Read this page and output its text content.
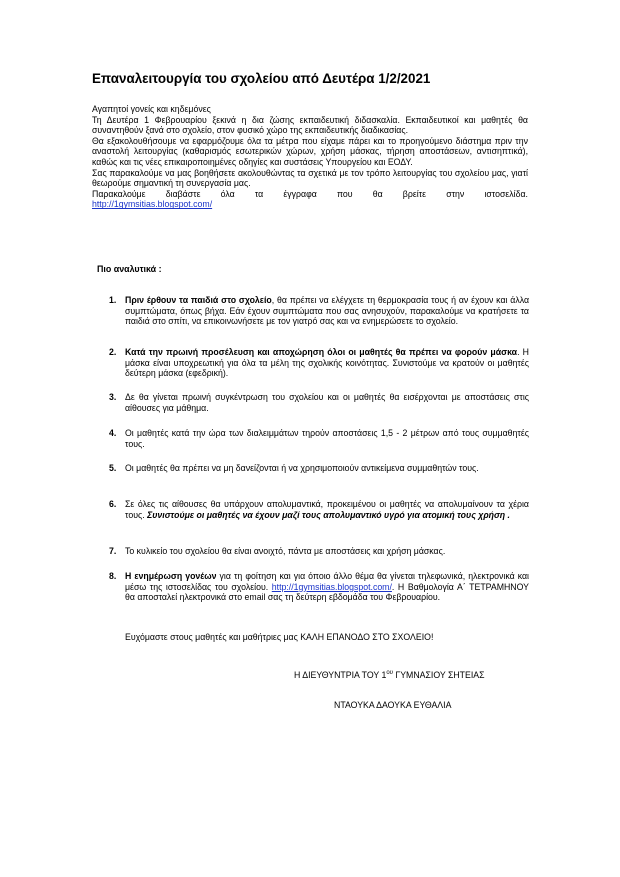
Επαναλειτουργία του σχολείου από Δευτέρα 1/2/2021

Αγαπητοί γονείς και κηδεμόνες

Τη Δευτέρα 1 Φεβρουαρίου ξεκινά η δια ζώσης εκπαιδευτική διδασκαλία. Εκπαιδευτικοί και μαθητές θα συναντηθούν ξανά στο σχολείο, στον φυσικό χώρο της εκπαιδευτικής διαδικασίας.

Θα εξακολουθήσουμε να εφαρμόζουμε όλα τα μέτρα που είχαμε πάρει και το προηγούμενο διάστημα πριν την αναστολή λειτουργίας (καθαρισμός εσωτερικών χώρων, χρήση μάσκας, τήρηση αποστάσεων, αντισηπτικά), καθώς και τις νέες επικαιροποιημένες οδηγίες και συστάσεις Υπουργείου και ΕΟΔΥ.

Σας παρακαλούμε να μας βοηθήσετε ακολουθώντας τα σχετικά με τον τρόπο λειτουργίας του σχολείου μας, γιατί θεωρούμε σημαντική τη συνεργασία μας.

Παρακαλούμε διαβάστε όλα τα έγγραφα που θα βρείτε στην ιστοσελίδα.

http://1gymsitias.blogspot.com/

Πιο αναλυτικά :
1. Πριν έρθουν τα παιδιά στο σχολείο, θα πρέπει να ελέγχετε τη θερμοκρασία τους ή αν έχουν και άλλα συμπτώματα, όπως βήχα. Εάν έχουν συμπτώματα που σας ανησυχούν, παρακαλούμε να κρατήσετε τα παιδιά στο σπίτι, να επικοινωνήσετε με τον γιατρό σας και να ενημερώσετε το σχολείο.
2. Κατά την πρωινή προσέλευση και αποχώρηση όλοι οι μαθητές θα πρέπει να φορούν μάσκα. Η μάσκα είναι υποχρεωτική για όλα τα μέλη της σχολικής κοινότητας. Συνιστούμε να κρατούν οι μαθητές δεύτερη μάσκα (εφεδρική).
3. Δε θα γίνεται πρωινή συγκέντρωση του σχολείου και οι μαθητές θα εισέρχονται με αποστάσεις στις αίθουσες για μάθημα.
4. Οι μαθητές κατά την ώρα των διαλειμμάτων τηρούν αποστάσεις 1,5 - 2 μέτρων από τους συμμαθητές τους.
5. Οι μαθητές θα πρέπει να μη δανείζονται ή να χρησιμοποιούν αντικείμενα συμμαθητών τους.
6. Σε όλες τις αίθουσες θα υπάρχουν απολυμαντικά, προκειμένου οι μαθητές να απολυμαίνουν τα χέρια τους. Συνιστούμε οι μαθητές να έχουν μαζί τους απολυμαντικό υγρό για ατομική τους χρήση .
7. Το κυλικείο του σχολείου θα είναι ανοιχτό, πάντα με αποστάσεις και χρήση μάσκας.
8. Η ενημέρωση γονέων για τη φοίτηση και για όποιο άλλο θέμα θα γίνεται τηλεφωνικά, ηλεκτρονικά και μέσω της ιστοσελίδας του σχολείου. http://1gymsitias.blogspot.com/. Η Βαθμολογία Α΄ ΤΕΤΡΑΜΗΝΟΥ θα αποσταλεί ηλεκτρονικά στο email σας τη δεύτερη εβδομάδα του Φεβρουαρίου.
Ευχόμαστε στους μαθητές και μαθήτριες μας ΚΑΛΗ ΕΠΑΝΟΔΟ ΣΤΟ ΣΧΟΛΕΙΟ!
Η ΔΙΕΥΘΥΝΤΡΙΑ ΤΟΥ $1^{o\upsilon}$ ΓΥΜΝΑΣΙΟΥ ΣΗΤΕΙΑΣ
ΝΤΑΟΥΚΑ ΔΑΟΥΚΑ ΕΥΘΑΛΙΑ
